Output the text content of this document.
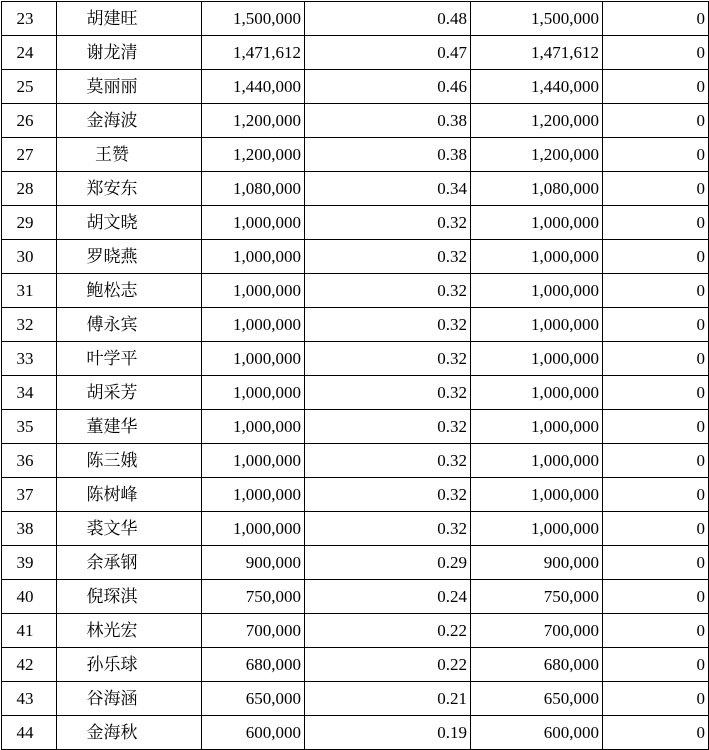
23	胡建旺	1,500,000	0.48	1,500,000	0
24	谢龙清	1,471,612	0.47	1,471,612	0
25	莫丽丽	1,440,000	0.46	1,440,000	0
26	金海波	1,200,000	0.38	1,200,000	0
27	王赞	1,200,000	0.38	1,200,000	0
28	郑安东	1,080,000	0.34	1,080,000	0
29	胡文晓	1,000,000	0.32	1,000,000	0
30	罗晓燕	1,000,000	0.32	1,000,000	0
31	鲍松志	1,000,000	0.32	1,000,000	0
32	傅永宾	1,000,000	0.32	1,000,000	0
33	叶学平	1,000,000	0.32	1,000,000	0
34	胡采芳	1,000,000	0.32	1,000,000	0
35	董建华	1,000,000	0.32	1,000,000	0
36	陈三娥	1,000,000	0.32	1,000,000	0
37	陈树峰	1,000,000	0.32	1,000,000	0
38	裘文华	1,000,000	0.32	1,000,000	0
39	余承钢	900,000	0.29	900,000	0
40	倪琛淇	750,000	0.24	750,000	0
41	林光宏	700,000	0.22	700,000	0
42	孙乐球	680,000	0.22	680,000	0
43	谷海涵	650,000	0.21	650,000	0
44	金海秋	600,000	0.19	600,000	0
